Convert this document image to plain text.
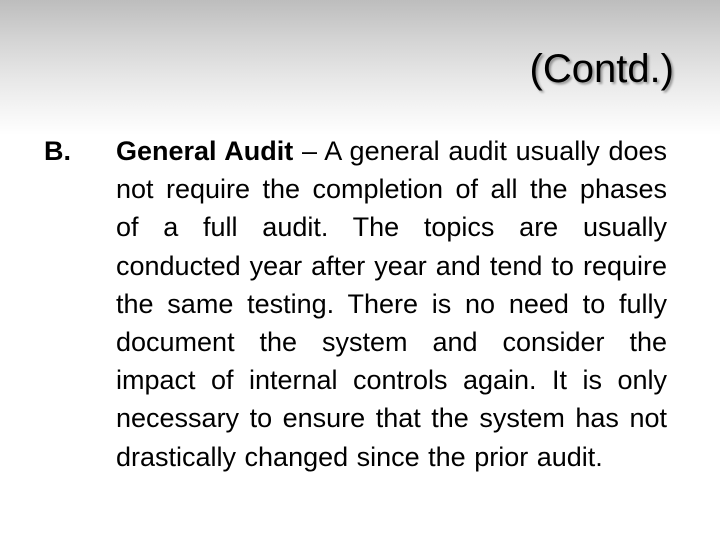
(Contd.)
B. General Audit – A general audit usually does not require the completion of all the phases of a full audit. The topics are usually conducted year after year and tend to require the same testing. There is no need to fully document the system and consider the impact of internal controls again. It is only necessary to ensure that the system has not drastically changed since the prior audit.
